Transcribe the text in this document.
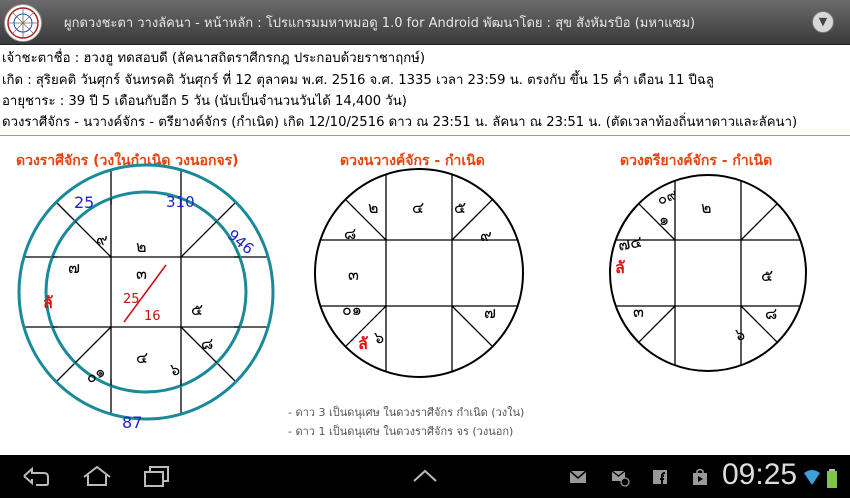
ผูกดวงชะตา วางลัคนา - หน้าหลัก : โปรแกรมมหาหมอดู 1.0 for Android พัฒนาโดย : สุข สังหัมรบิอ (มหาแซม)	▼
เจ้าชะตาชื่อ : ฮวงฮู ทดสอบดี (ลัคนาสถิตราศีกรกฎ ประกอบด้วยราชาฤกษ์)
เกิด : สุริยคติ วันศุกร์ จันทรคติ วันศุกร์ ที่ 12 ตุลาคม พ.ศ. 2516 จ.ศ. 1335 เวลา 23:59 น. ตรงกับ ขึ้น 15 ค่ำ เดือน 11 ปีฉลู
อายุชาระ : 39 ปี 5 เดือนกับอีก 5 วัน (นับเป็นจำนวนวันได้ 14,400 วัน)
ดวงราศีจักร - นวางค์จักร - ตรียางค์จักร (กำเนิด) เกิด 12/10/2516 ดาว ณ 23:51 น. ลัคนา ณ 23:51 น. (ตัดเวลาท้องถิ่นหาดาวและลัคนา)
ดวงราศีจักร (วงในกำเนิด วงนอกจร)	ดวงนวางค์จักร - กำเนิด	ดวงตรียางค์จักร - กำเนิด
25	310
946
87
๙ ๒
๓
๗
๕
๘
๐๑
๔
๖
25
16
ลั
๒ ๔ ๕
๘	๙
๓
๐๑	๗
๖
ลั
๐๙
๑
๒
๗๔
๕
๓	๘
๖
ลั
- ดาว 3 เป็นดนุเศษ ในดวงราศีจักร กำเนิด (วงใน)
- ดาว 1 เป็นดนุเศษ ในดวงราศีจักร จร (วงนอก)
09:25
